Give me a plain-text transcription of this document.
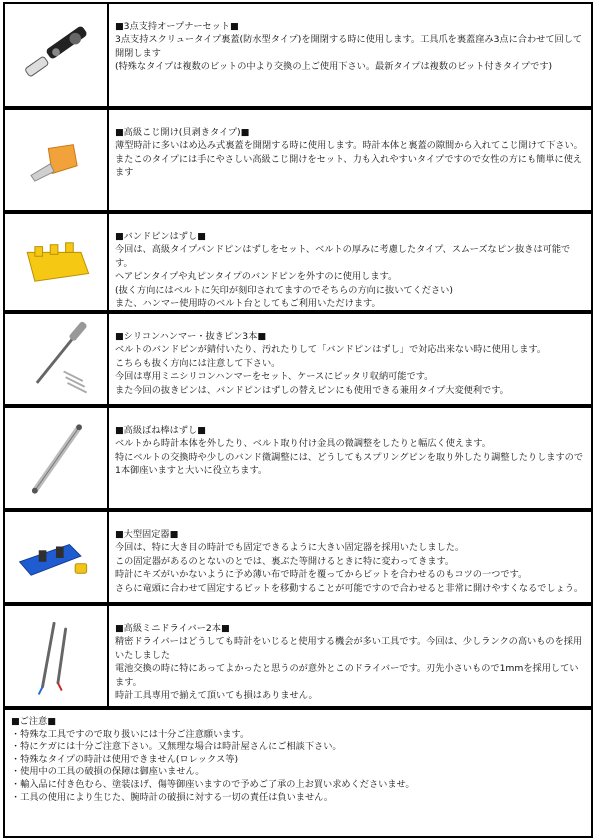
■3点支持オープナーセット■

3点支持スクリュータイプ裏蓋(防水型タイプ)を開閉する時に使用します。工具爪を裏蓋窪み3点に合わせて回して開閉します

(特殊なタイプは複数のビットの中より交換の上ご使用下さい。最新タイプは複数のビット付きタイプです)

■高級こじ開け(貝剥きタイプ)■

薄型時計に多いはめ込み式裏蓋を開閉する時に使用します。時計本体と裏蓋の隙間から入れてこじ開けて下さい。

またこのタイプには手にやさしい高級こじ開けをセット、力も入れやすいタイプですので女性の方にも簡単に使えます

■バンドピンはずし■

今回は、高級タイプバンドピンはずしをセット、ベルトの厚みに考慮したタイプ、スムーズなピン抜きは可能です。

ヘアピンタイプや丸ピンタイプのバンドピンを外すのに使用します。

(抜く方向にはベルトに矢印が刻印されてますのでそちらの方向に抜いてください)

また、ハンマー使用時のベルト台としてもご利用いただけます。

■シリコンハンマー・抜きピン3本■

ベルトのバンドピンが錆付いたり、汚れたりして「バンドピンはずし」で対応出来ない時に使用します。

こちらも抜く方向には注意して下さい。

今回は専用ミニシリコンハンマーをセット、ケースにピッタリ収納可能です。

また今回の抜きピンは、バンドピンはずしの替えピンにも使用できる兼用タイプ大変便利です。

■高級ばね棒はずし■

ベルトから時計本体を外したり、ベルト取り付け金具の微調整をしたりと幅広く使えます。

特にベルトの交換時や少しのバンド微調整には、どうしてもスプリングピンを取り外したり調整したりしますので1本御座いますと大いに役立ちます。

■大型固定器■

今回は、特に大き目の時計でも固定できるように大きい固定器を採用いたしました。

この固定器があるのとないのとでは、裏ぶた等開けるときに特に変わってきます。

時計にキズがいかないように予め薄い布で時計を覆ってからビットを合わせるのもコツの一つです。

さらに竜頭に合わせて固定するビットを移動することが可能ですので合わせると非常に開けやすくなるでしょう。

■高級ミニドライバー2本■

精密ドライバーはどうしても時計をいじると使用する機会が多い工具です。今回は、少しランクの高いものを採用いたしました

電池交換の時に特にあってよかったと思うのが意外とこのドライバーです。刃先小さいもので1mmを採用しています。

時計工具専用で揃えて頂いても損はありません。

■ご注意■

・特殊な工具ですので取り扱いには十分ご注意願います。

・特にケガには十分ご注意下さい。又無理な場合は時計屋さんにご相談下さい。

・特殊なタイプの時計は使用できません(ロレックス等)

・使用中の工具の破損の保障は御座いません。

・輸入品に付き色むら、塗装ほげ、傷等御座いますので予めご了承の上お買い求めくださいませ。

・工具の使用により生じた、腕時計の破損に対する一切の責任は負いません。
